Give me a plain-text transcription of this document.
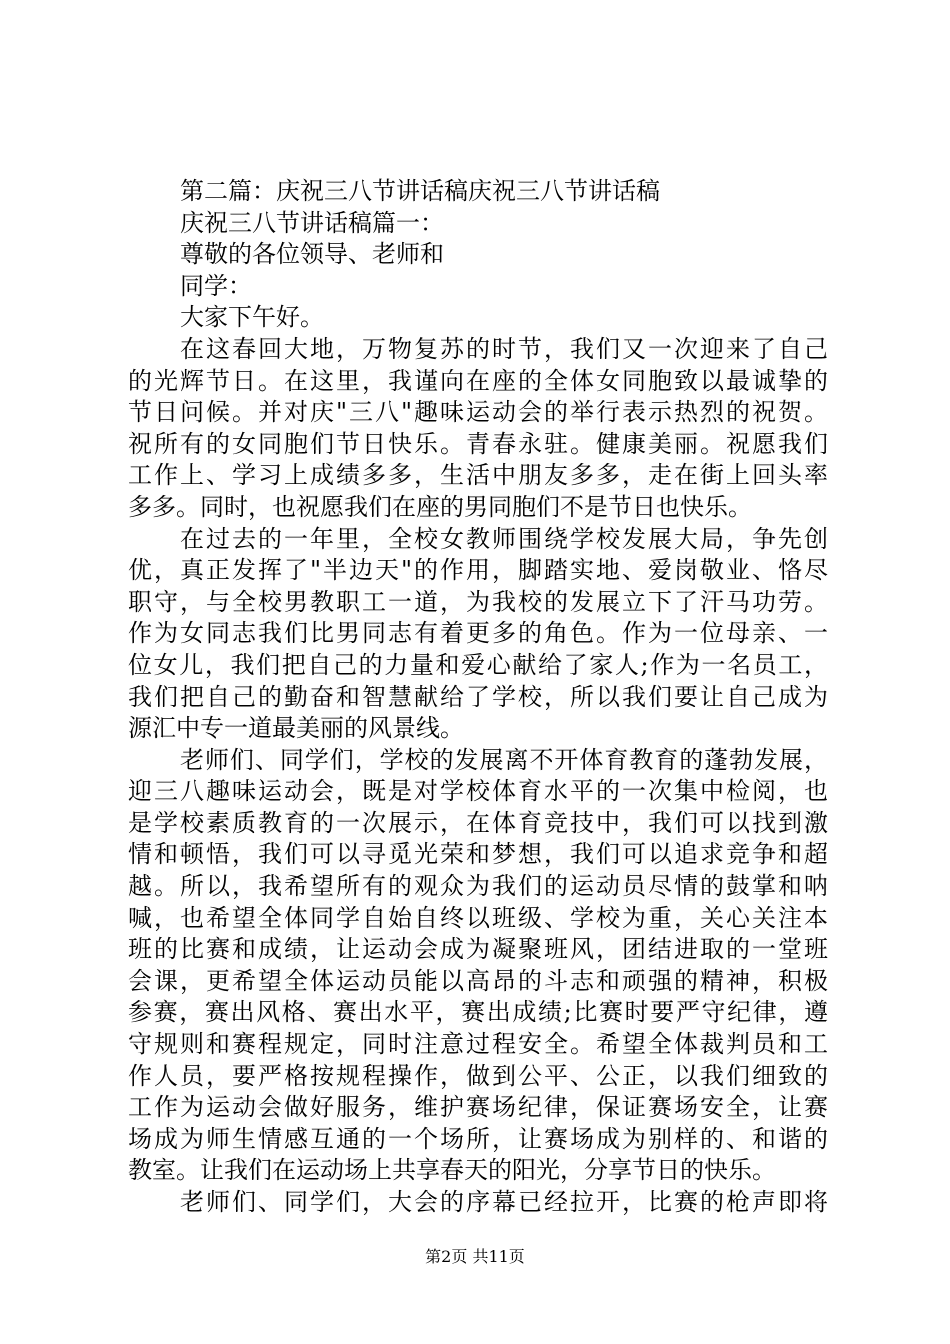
第二篇：庆祝三八节讲话稿庆祝三八节讲话稿
庆祝三八节讲话稿篇一：
尊敬的各位领导、老师和
同学：
大家下午好。
在这春回大地，万物复苏的时节，我们又一次迎来了自己
的光辉节日。在这里，我谨向在座的全体女同胞致以最诚挚的
节日问候。并对庆"三八"趣味运动会的举行表示热烈的祝贺。
祝所有的女同胞们节日快乐。青春永驻。健康美丽。祝愿我们
工作上、学习上成绩多多，生活中朋友多多，走在街上回头率
多多。同时，也祝愿我们在座的男同胞们不是节日也快乐。
在过去的一年里，全校女教师围绕学校发展大局，争先创
优，真正发挥了"半边天"的作用，脚踏实地、爱岗敬业、恪尽
职守，与全校男教职工一道，为我校的发展立下了汗马功劳。
作为女同志我们比男同志有着更多的角色。作为一位母亲、一
位女儿，我们把自己的力量和爱心献给了家人;作为一名员工，
我们把自己的勤奋和智慧献给了学校，所以我们要让自己成为
源汇中专一道最美丽的风景线。
老师们、同学们，学校的发展离不开体育教育的蓬勃发展，
迎三八趣味运动会，既是对学校体育水平的一次集中检阅，也
是学校素质教育的一次展示，在体育竞技中，我们可以找到激
情和顿悟，我们可以寻觅光荣和梦想，我们可以追求竞争和超
越。所以，我希望所有的观众为我们的运动员尽情的鼓掌和呐
喊，也希望全体同学自始自终以班级、学校为重，关心关注本
班的比赛和成绩，让运动会成为凝聚班风，团结进取的一堂班
会课，更希望全体运动员能以高昂的斗志和顽强的精神，积极
参赛，赛出风格、赛出水平，赛出成绩;比赛时要严守纪律，遵
守规则和赛程规定，同时注意过程安全。希望全体裁判员和工
作人员，要严格按规程操作，做到公平、公正，以我们细致的
工作为运动会做好服务，维护赛场纪律，保证赛场安全，让赛
场成为师生情感互通的一个场所，让赛场成为别样的、和谐的
教室。让我们在运动场上共享春天的阳光，分享节日的快乐。
老师们、同学们，大会的序幕已经拉开，比赛的枪声即将
第2页 共11页
